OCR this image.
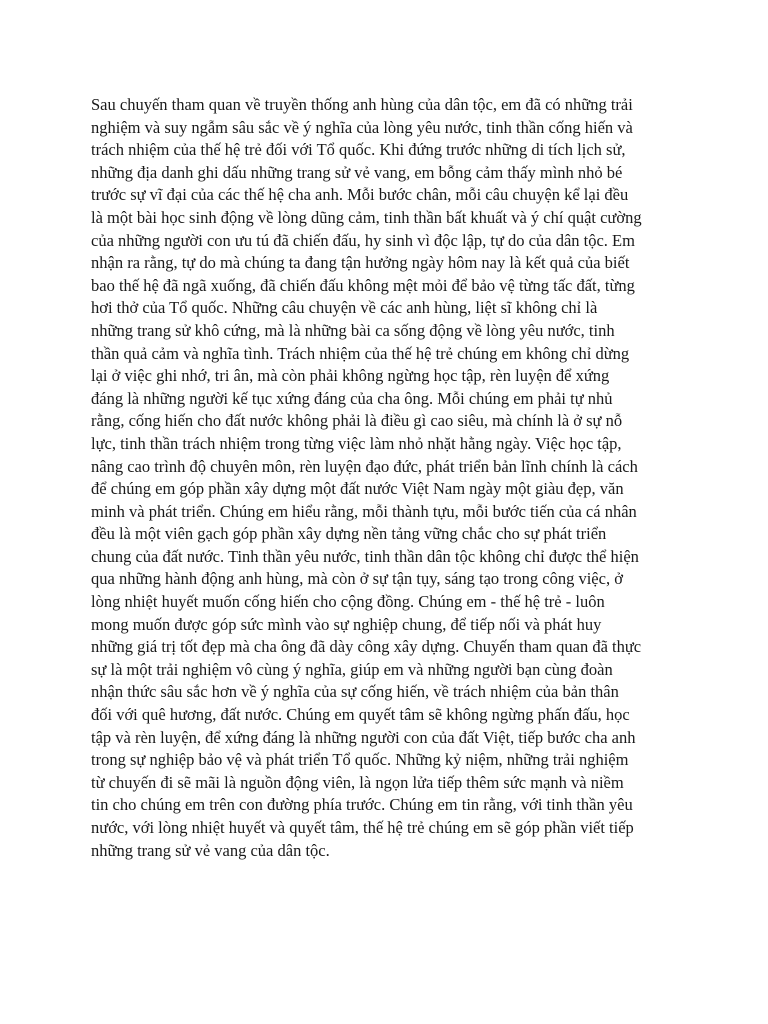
Sau chuyến tham quan về truyền thống anh hùng của dân tộc, em đã có những trải
nghiệm và suy ngẫm sâu sắc về ý nghĩa của lòng yêu nước, tinh thần cống hiến và
trách nhiệm của thế hệ trẻ đối với Tổ quốc. Khi đứng trước những di tích lịch sử,
những địa danh ghi dấu những trang sử vẻ vang, em bỗng cảm thấy mình nhỏ bé
trước sự vĩ đại của các thế hệ cha anh. Mỗi bước chân, mỗi câu chuyện kể lại đều
là một bài học sinh động về lòng dũng cảm, tinh thần bất khuất và ý chí quật cường
của những người con ưu tú đã chiến đấu, hy sinh vì độc lập, tự do của dân tộc. Em
nhận ra rằng, tự do mà chúng ta đang tận hưởng ngày hôm nay là kết quả của biết
bao thế hệ đã ngã xuống, đã chiến đấu không mệt mỏi để bảo vệ từng tấc đất, từng
hơi thở của Tổ quốc. Những câu chuyện về các anh hùng, liệt sĩ không chỉ là
những trang sử khô cứng, mà là những bài ca sống động về lòng yêu nước, tinh
thần quả cảm và nghĩa tình. Trách nhiệm của thế hệ trẻ chúng em không chỉ dừng
lại ở việc ghi nhớ, tri ân, mà còn phải không ngừng học tập, rèn luyện để xứng
đáng là những người kế tục xứng đáng của cha ông. Mỗi chúng em phải tự nhủ
rằng, cống hiến cho đất nước không phải là điều gì cao siêu, mà chính là ở sự nỗ
lực, tinh thần trách nhiệm trong từng việc làm nhỏ nhặt hằng ngày. Việc học tập,
nâng cao trình độ chuyên môn, rèn luyện đạo đức, phát triển bản lĩnh chính là cách
để chúng em góp phần xây dựng một đất nước Việt Nam ngày một giàu đẹp, văn
minh và phát triển. Chúng em hiểu rằng, mỗi thành tựu, mỗi bước tiến của cá nhân
đều là một viên gạch góp phần xây dựng nền tảng vững chắc cho sự phát triển
chung của đất nước. Tinh thần yêu nước, tinh thần dân tộc không chỉ được thể hiện
qua những hành động anh hùng, mà còn ở sự tận tụy, sáng tạo trong công việc, ở
lòng nhiệt huyết muốn cống hiến cho cộng đồng. Chúng em - thế hệ trẻ - luôn
mong muốn được góp sức mình vào sự nghiệp chung, để tiếp nối và phát huy
những giá trị tốt đẹp mà cha ông đã dày công xây dựng. Chuyến tham quan đã thực
sự là một trải nghiệm vô cùng ý nghĩa, giúp em và những người bạn cùng đoàn
nhận thức sâu sắc hơn về ý nghĩa của sự cống hiến, về trách nhiệm của bản thân
đối với quê hương, đất nước. Chúng em quyết tâm sẽ không ngừng phấn đấu, học
tập và rèn luyện, để xứng đáng là những người con của đất Việt, tiếp bước cha anh
trong sự nghiệp bảo vệ và phát triển Tổ quốc. Những kỷ niệm, những trải nghiệm
từ chuyến đi sẽ mãi là nguồn động viên, là ngọn lửa tiếp thêm sức mạnh và niềm
tin cho chúng em trên con đường phía trước. Chúng em tin rằng, với tinh thần yêu
nước, với lòng nhiệt huyết và quyết tâm, thế hệ trẻ chúng em sẽ góp phần viết tiếp
những trang sử vẻ vang của dân tộc.
